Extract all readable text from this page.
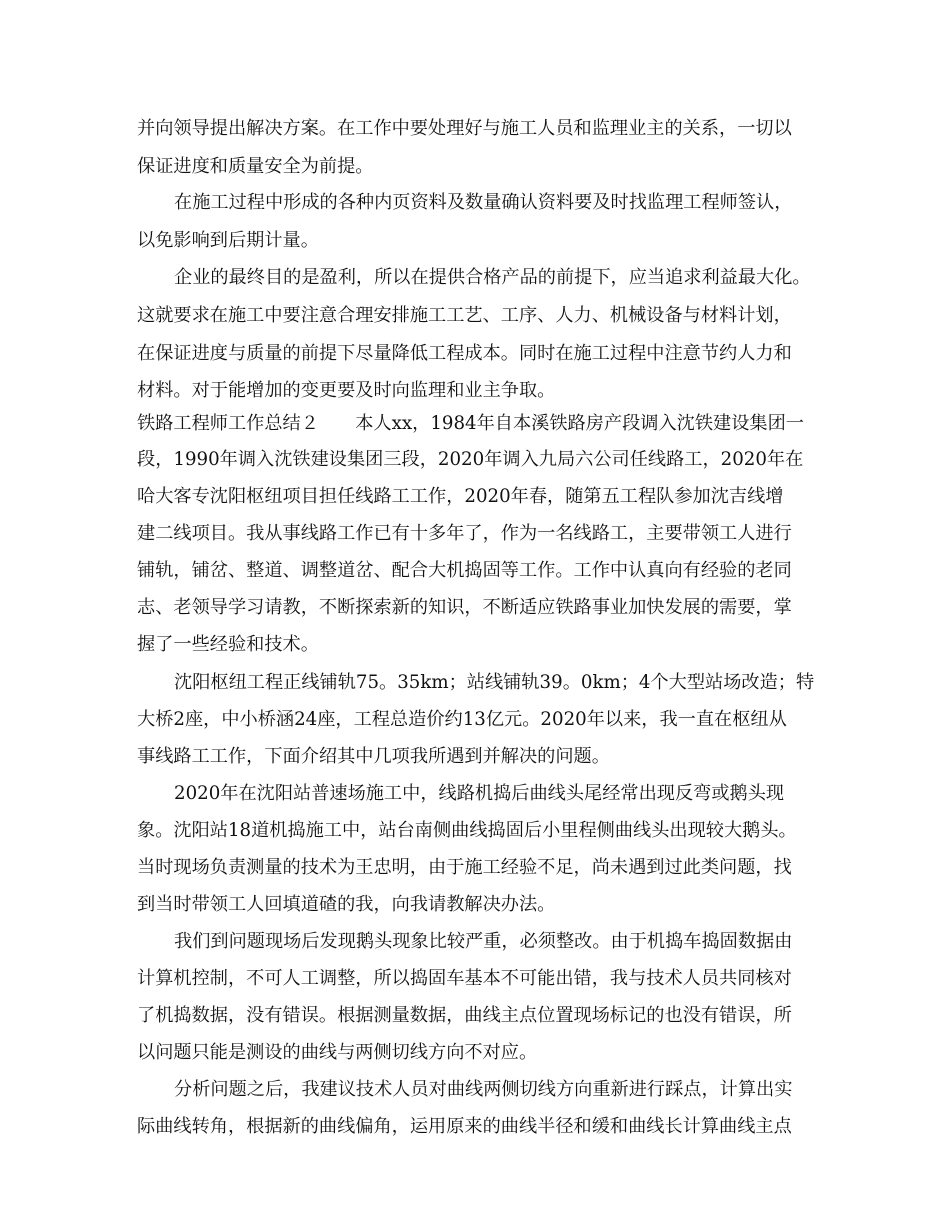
并向领导提出解决方案。在工作中要处理好与施工人员和监理业主的关系，一切以
保证进度和质量安全为前提。
在施工过程中形成的各种内页资料及数量确认资料要及时找监理工程师签认，
以免影响到后期计量。
企业的最终目的是盈利，所以在提供合格产品的前提下，应当追求利益最大化。
这就要求在施工中要注意合理安排施工工艺、工序、人力、机械设备与材料计划，
在保证进度与质量的前提下尽量降低工程成本。同时在施工过程中注意节约人力和
材料。对于能增加的变更要及时向监理和业主争取。
铁路工程师工作总结２　　本人xx，1984年自本溪铁路房产段调入沈铁建设集团一
段，1990年调入沈铁建设集团三段，2020年调入九局六公司任线路工，2020年在
哈大客专沈阳枢纽项目担任线路工工作，2020年春，随第五工程队参加沈吉线增
建二线项目。我从事线路工作已有十多年了，作为一名线路工，主要带领工人进行
铺轨，铺岔、整道、调整道岔、配合大机捣固等工作。工作中认真向有经验的老同
志、老领导学习请教，不断探索新的知识，不断适应铁路事业加快发展的需要，掌
握了一些经验和技术。
沈阳枢纽工程正线铺轨75。35km；站线铺轨39。0km；4个大型站场改造；特
大桥2座，中小桥涵24座，工程总造价约13亿元。2020年以来，我一直在枢纽从
事线路工工作，下面介绍其中几项我所遇到并解决的问题。
2020年在沈阳站普速场施工中，线路机捣后曲线头尾经常出现反弯或鹅头现
象。沈阳站18道机捣施工中，站台南侧曲线捣固后小里程侧曲线头出现较大鹅头。
当时现场负责测量的技术为王忠明，由于施工经验不足，尚未遇到过此类问题，找
到当时带领工人回填道碴的我，向我请教解决办法。
我们到问题现场后发现鹅头现象比较严重，必须整改。由于机捣车捣固数据由
计算机控制，不可人工调整，所以捣固车基本不可能出错，我与技术人员共同核对
了机捣数据，没有错误。根据测量数据，曲线主点位置现场标记的也没有错误，所
以问题只能是测设的曲线与两侧切线方向不对应。
分析问题之后，我建议技术人员对曲线两侧切线方向重新进行踩点，计算出实
际曲线转角，根据新的曲线偏角，运用原来的曲线半径和缓和曲线长计算曲线主点
